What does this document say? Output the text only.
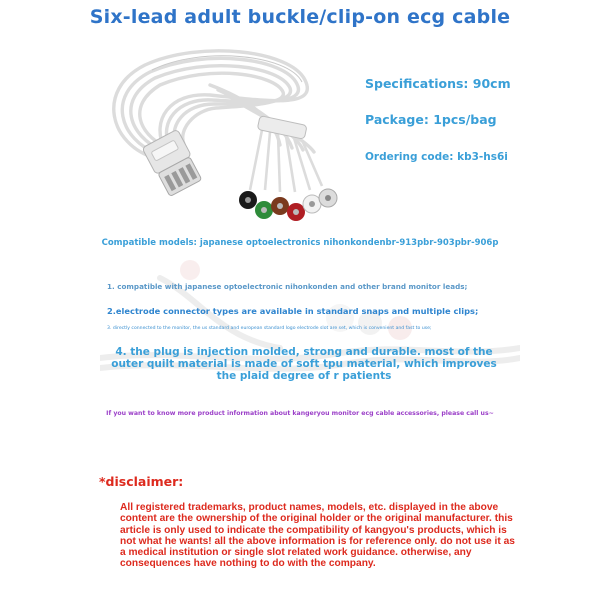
Six-lead adult buckle/clip-on ecg cable
Specifications: 90cm
Package: 1pcs/bag
Ordering code: kb3-hs6i
Compatible models: japanese optoelectronics nihonkondenbr-913pbr-903pbr-906p
1. compatible with japanese optoelectronic nihonkonden and other brand monitor leads;
2.electrode connector types are available in standard snaps and multiple clips;
3. directly connected to the monitor, the us standard and european standard logo electrode slot are set, which is convenient and fast to use;
4. the plug is injection molded, strong and durable. most of the outer quilt material is made of soft tpu material, which improves the plaid degree of r patients
If you want to know more product information about kangeryou monitor ecg cable accessories, please call us~
*disclaimer:
All registered trademarks, product names, models, etc. displayed in the above content are the ownership of the original holder or the original manufacturer. this article is only used to indicate the compatibility of kangyou's products, which is not what he wants! all the above information is for reference only. do not use it as a medical institution or single slot related work guidance. otherwise, any consequences have nothing to do with the company.
